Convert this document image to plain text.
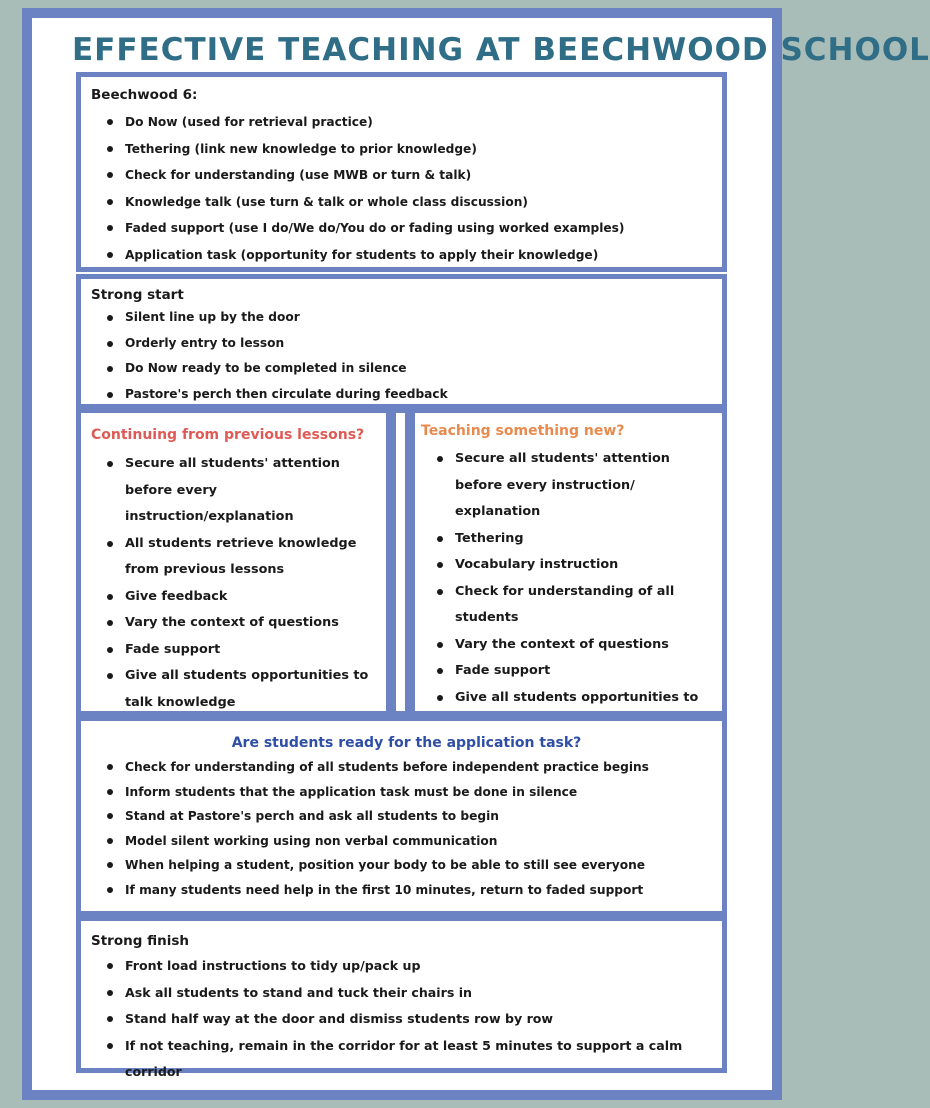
EFFECTIVE TEACHING AT BEECHWOOD SCHOOL
Beechwood 6:
Do Now (used for retrieval practice)
Tethering (link new knowledge to prior knowledge)
Check for understanding (use MWB or turn & talk)
Knowledge talk (use turn & talk or whole class discussion)
Faded support (use I do/We do/You do or fading using worked examples)
Application task (opportunity for students to apply their knowledge)
Strong start
Silent line up by the door
Orderly entry to lesson
Do Now ready to be completed in silence
Pastore's perch then circulate during feedback
Continuing from previous lessons?
Secure all students' attention before every instruction/explanation
All students retrieve knowledge from previous lessons
Give feedback
Vary the context of questions
Fade support
Give all students opportunities to talk knowledge
Teaching something new?
Secure all students' attention before every instruction/ explanation
Tethering
Vocabulary instruction
Check for understanding of all students
Vary the context of questions
Fade support
Give all students opportunities to
Are students ready for the application task?
Check for understanding of all students before independent practice begins
Inform students that the application task must be done in silence
Stand at Pastore's perch and ask all students to begin
Model silent working using non verbal communication
When helping a student, position your body to be able to still see everyone
If many students need help in the first 10 minutes, return to faded support
Strong finish
Front load instructions to tidy up/pack up
Ask all students to stand and tuck their chairs in
Stand half way at the door and dismiss students row by row
If not teaching, remain in the corridor for at least 5 minutes to support a calm corridor
